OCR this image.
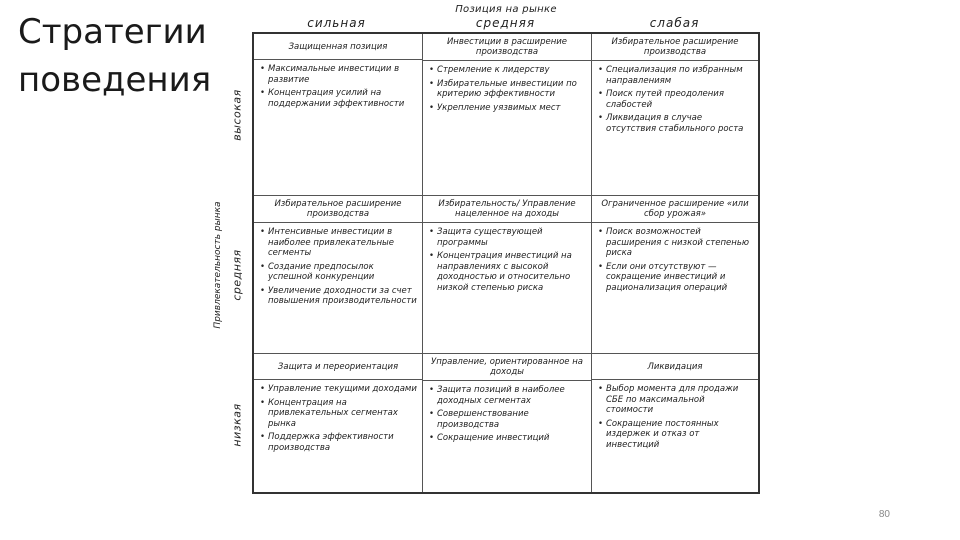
Стратегии поведения
Позиция на рынке
сильная	средняя	слабая
Привлекательность рынка
высокая
средняя
низкая
Защищенная позиция
• Максимальные инвестиции в развитие
• Концентрация усилий на поддержании эффективности
Инвестиции в расширение производства
• Стремление к лидерству
• Избирательные инвестиции по критерию эффективности
• Укрепление уязвимых мест
Избирательное расширение производства
• Специализация по избранным направлениям
• Поиск путей преодоления слабостей
• Ликвидация в случае отсутствия стабильного роста
Избирательное расширение производства
• Интенсивные инвестиции в наиболее привлекательные сегменты
• Создание предпосылок успешной конкуренции
• Увеличение доходности за счет повышения производительности
Избирательность/ Управление нацеленное на доходы
• Защита существующей программы
• Концентрация инвестиций на направлениях с высокой доходностью и относительно низкой степенью риска
Ограниченное расширение «или сбор урожая»
• Поиск возможностей расширения с низкой степенью риска
• Если они отсутствуют — сокращение инвестиций и рационализация операций
Защита и переориентация
• Управление текущими доходами
• Концентрация на привлекательных сегментах рынка
• Поддержка эффективности производства
Управление, ориентированное на доходы
• Защита позиций в наиболее доходных сегментах
• Совершенствование производства
• Сокращение инвестиций
Ликвидация
• Выбор момента для продажи СБЕ по максимальной стоимости
• Сокращение постоянных издержек и отказ от инвестиций
80
